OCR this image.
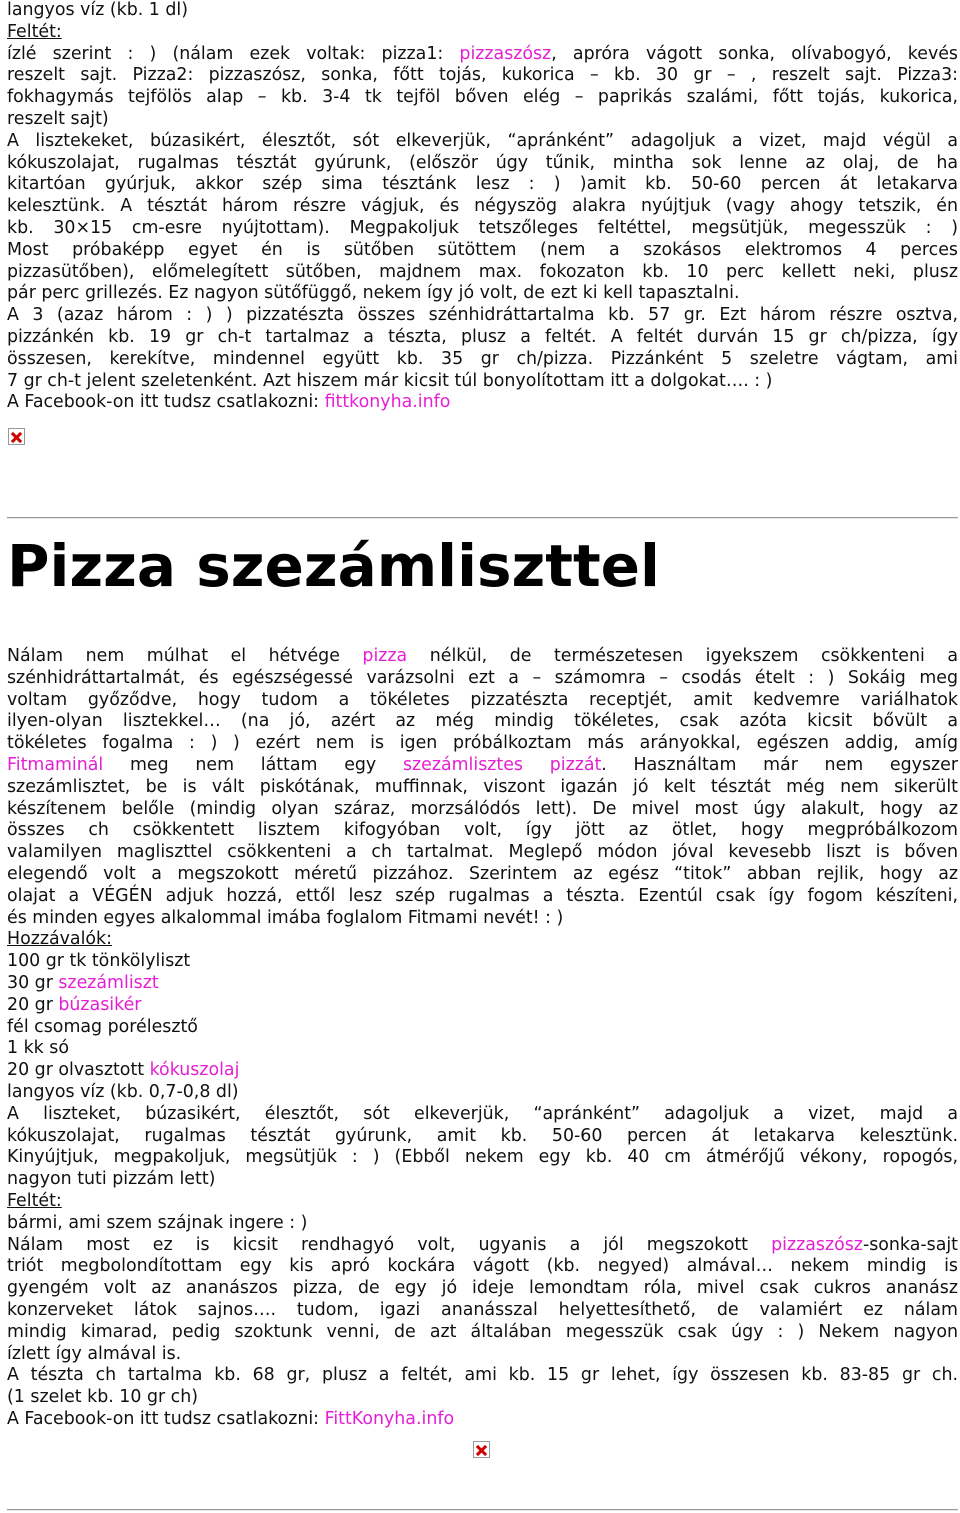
langyos víz (kb. 1 dl)
Feltét:
ízlé szerint : ) (nálam ezek voltak: pizza1: pizzaszósz, apróra vágott sonka, olívabogyó, kevés
reszelt sajt. Pizza2: pizzaszósz, sonka, főtt tojás, kukorica – kb. 30 gr – , reszelt sajt. Pizza3:
fokhagymás tejfölös alap – kb. 3-4 tk tejföl bőven elég – paprikás szalámi, főtt tojás, kukorica,
reszelt sajt)
A lisztekeket, búzasikért, élesztőt, sót elkeverjük, “apránként” adagoljuk a vizet, majd végül a
kókuszolajat, rugalmas tésztát gyúrunk, (először úgy tűnik, mintha sok lenne az olaj, de ha
kitartóan gyúrjuk, akkor szép sima tésztánk lesz : ) )amit kb. 50-60 percen át letakarva
kelesztünk. A tésztát három részre vágjuk, és négyszög alakra nyújtjuk (vagy ahogy tetszik, én
kb. 30×15 cm-esre nyújtottam). Megpakoljuk tetszőleges feltéttel, megsütjük, megesszük : )
Most próbaképp egyet én is sütőben sütöttem (nem a szokásos elektromos 4 perces
pizzasütőben), előmelegített sütőben, majdnem max. fokozaton kb. 10 perc kellett neki, plusz
pár perc grillezés. Ez nagyon sütőfüggő, nekem így jó volt, de ezt ki kell tapasztalni.
A 3 (azaz három : ) ) pizzatészta összes szénhidráttartalma kb. 57 gr. Ezt három részre osztva,
pizzánkén kb. 19 gr ch-t tartalmaz a tészta, plusz a feltét. A feltét durván 15 gr ch/pizza, így
összesen, kerekítve, mindennel együtt kb. 35 gr ch/pizza. Pizzánként 5 szeletre vágtam, ami
7 gr ch-t jelent szeletenként. Azt hiszem már kicsit túl bonyolítottam itt a dolgokat…. : )
A Facebook-on itt tudsz csatlakozni: fittkonyha.info
Pizza szezámliszttel
Nálam nem múlhat el hétvége pizza nélkül, de természetesen igyekszem csökkenteni a
szénhidráttartalmát, és egészségessé varázsolni ezt a – számomra – csodás ételt : ) Sokáig meg
voltam győződve, hogy tudom a tökéletes pizzatészta receptjét, amit kedvemre variálhatok
ilyen-olyan lisztekkel… (na jó, azért az még mindig tökéletes, csak azóta kicsit bővült a
tökéletes fogalma : ) ) ezért nem is igen próbálkoztam más arányokkal, egészen addig, amíg
Fitmaminál meg nem láttam egy szezámlisztes pizzát. Használtam már nem egyszer
szezámlisztet, be is vált piskótának, muffinnak, viszont igazán jó kelt tésztát még nem sikerült
készítenem belőle (mindig olyan száraz, morzsálódós lett). De mivel most úgy alakult, hogy az
összes ch csökkentett lisztem kifogyóban volt, így jött az ötlet, hogy megpróbálkozom
valamilyen magliszttel csökkenteni a ch tartalmat. Meglepő módon jóval kevesebb liszt is bőven
elegendő volt a megszokott méretű pizzához. Szerintem az egész “titok” abban rejlik, hogy az
olajat a VÉGÉN adjuk hozzá, ettől lesz szép rugalmas a tészta. Ezentúl csak így fogom készíteni,
és minden egyes alkalommal imába foglalom Fitmami nevét! : )
Hozzávalók:
100 gr tk tönkölyliszt
30 gr szezámliszt
20 gr búzasikér
fél csomag porélesztő
1 kk só
20 gr olvasztott kókuszolaj
langyos víz (kb. 0,7-0,8 dl)
A liszteket, búzasikért, élesztőt, sót elkeverjük, “apránként” adagoljuk a vizet, majd a
kókuszolajat, rugalmas tésztát gyúrunk, amit kb. 50-60 percen át letakarva kelesztünk.
Kinyújtjuk, megpakoljuk, megsütjük : ) (Ebből nekem egy kb. 40 cm átmérőjű vékony, ropogós,
nagyon tuti pizzám lett)
Feltét:
bármi, ami szem szájnak ingere : )
Nálam most ez is kicsit rendhagyó volt, ugyanis a jól megszokott pizzaszósz-sonka-sajt
triót megbolondítottam egy kis apró kockára vágott (kb. negyed) almával… nekem mindig is
gyengém volt az ananászos pizza, de egy jó ideje lemondtam róla, mivel csak cukros ananász
konzerveket látok sajnos…. tudom, igazi ananásszal helyettesíthető, de valamiért ez nálam
mindig kimarad, pedig szoktunk venni, de azt általában megesszük csak úgy : ) Nekem nagyon
ízlett így almával is.
A tészta ch tartalma kb. 68 gr, plusz a feltét, ami kb. 15 gr lehet, így összesen kb. 83-85 gr ch.
(1 szelet kb. 10 gr ch)
A Facebook-on itt tudsz csatlakozni: FittKonyha.info
